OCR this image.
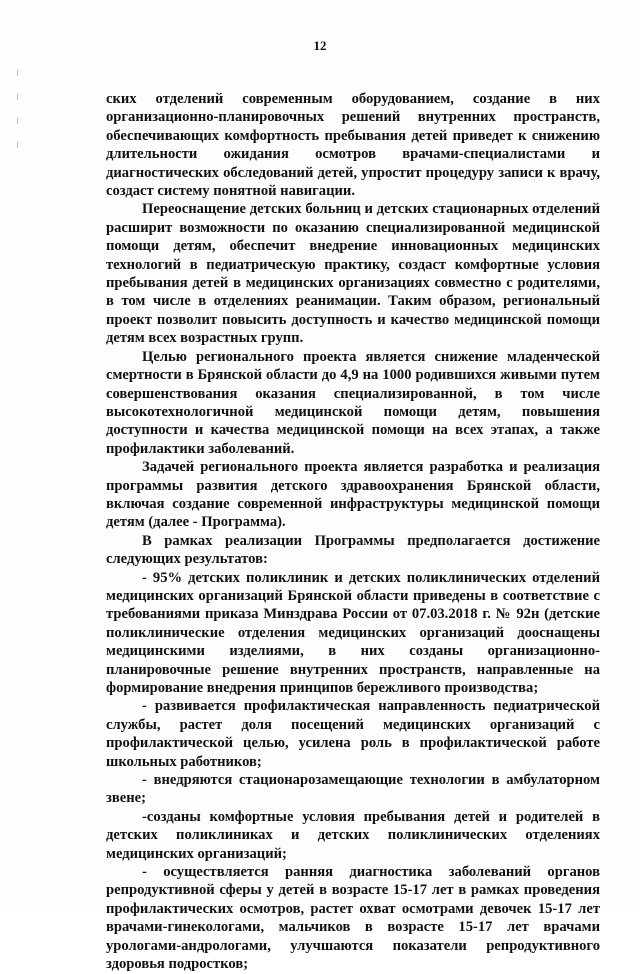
12

ских отделений современным оборудованием, создание в них организационно-планировочных решений внутренних пространств, обеспечивающих комфортность пребывания детей приведет к снижению длительности ожидания осмотров врачами-специалистами и диагностических обследований детей, упростит процедуру записи к врачу, создаст систему понятной навигации.

Переоснащение детских больниц и детских стационарных отделений расширит возможности по оказанию специализированной медицинской помощи детям, обеспечит внедрение инновационных медицинских технологий в педиатрическую практику, создаст комфортные условия пребывания детей в медицинских организациях совместно с родителями, в том числе в отделениях реанимации. Таким образом, региональный проект позволит повысить доступность и качество медицинской помощи детям всех возрастных групп.

Целью регионального проекта является снижение младенческой смертности в Брянской области до 4,9 на 1000 родившихся живыми путем совершенствования оказания специализированной, в том числе высокотехнологичной медицинской помощи детям, повышения доступности и качества медицинской помощи на всех этапах, а также профилактики заболеваний.

Задачей регионального проекта является разработка и реализация программы развития детского здравоохранения Брянской области, включая создание современной инфраструктуры медицинской помощи детям (далее - Программа).

В рамках реализации Программы предполагается достижение следующих результатов:

- 95% детских поликлиник и детских поликлинических отделений медицинских организаций Брянской области приведены в соответствие с требованиями приказа Минздрава России от 07.03.2018 г. № 92н (детские поликлинические отделения медицинских организаций дооснащены медицинскими изделиями, в них созданы организационно-планировочные решение внутренних пространств, направленные на формирование внедрения принципов бережливого производства;

- развивается профилактическая направленность педиатрической службы, растет доля посещений медицинских организаций с профилактической целью, усилена роль в профилактической работе школьных работников;

- внедряются стационарозамещающие технологии в амбулаторном звене;

-созданы комфортные условия пребывания детей и родителей в детских поликлиниках и детских поликлинических отделениях медицинских организаций;

- осуществляется ранняя диагностика заболеваний органов репродуктивной сферы у детей в возрасте 15-17 лет в рамках проведения профилактических осмотров, растет охват осмотрами девочек 15-17 лет врачами-гинекологами, мальчиков в возрасте 15-17 лет врачами урологами-андрологами, улучшаются показатели репродуктивного здоровья подростков;
